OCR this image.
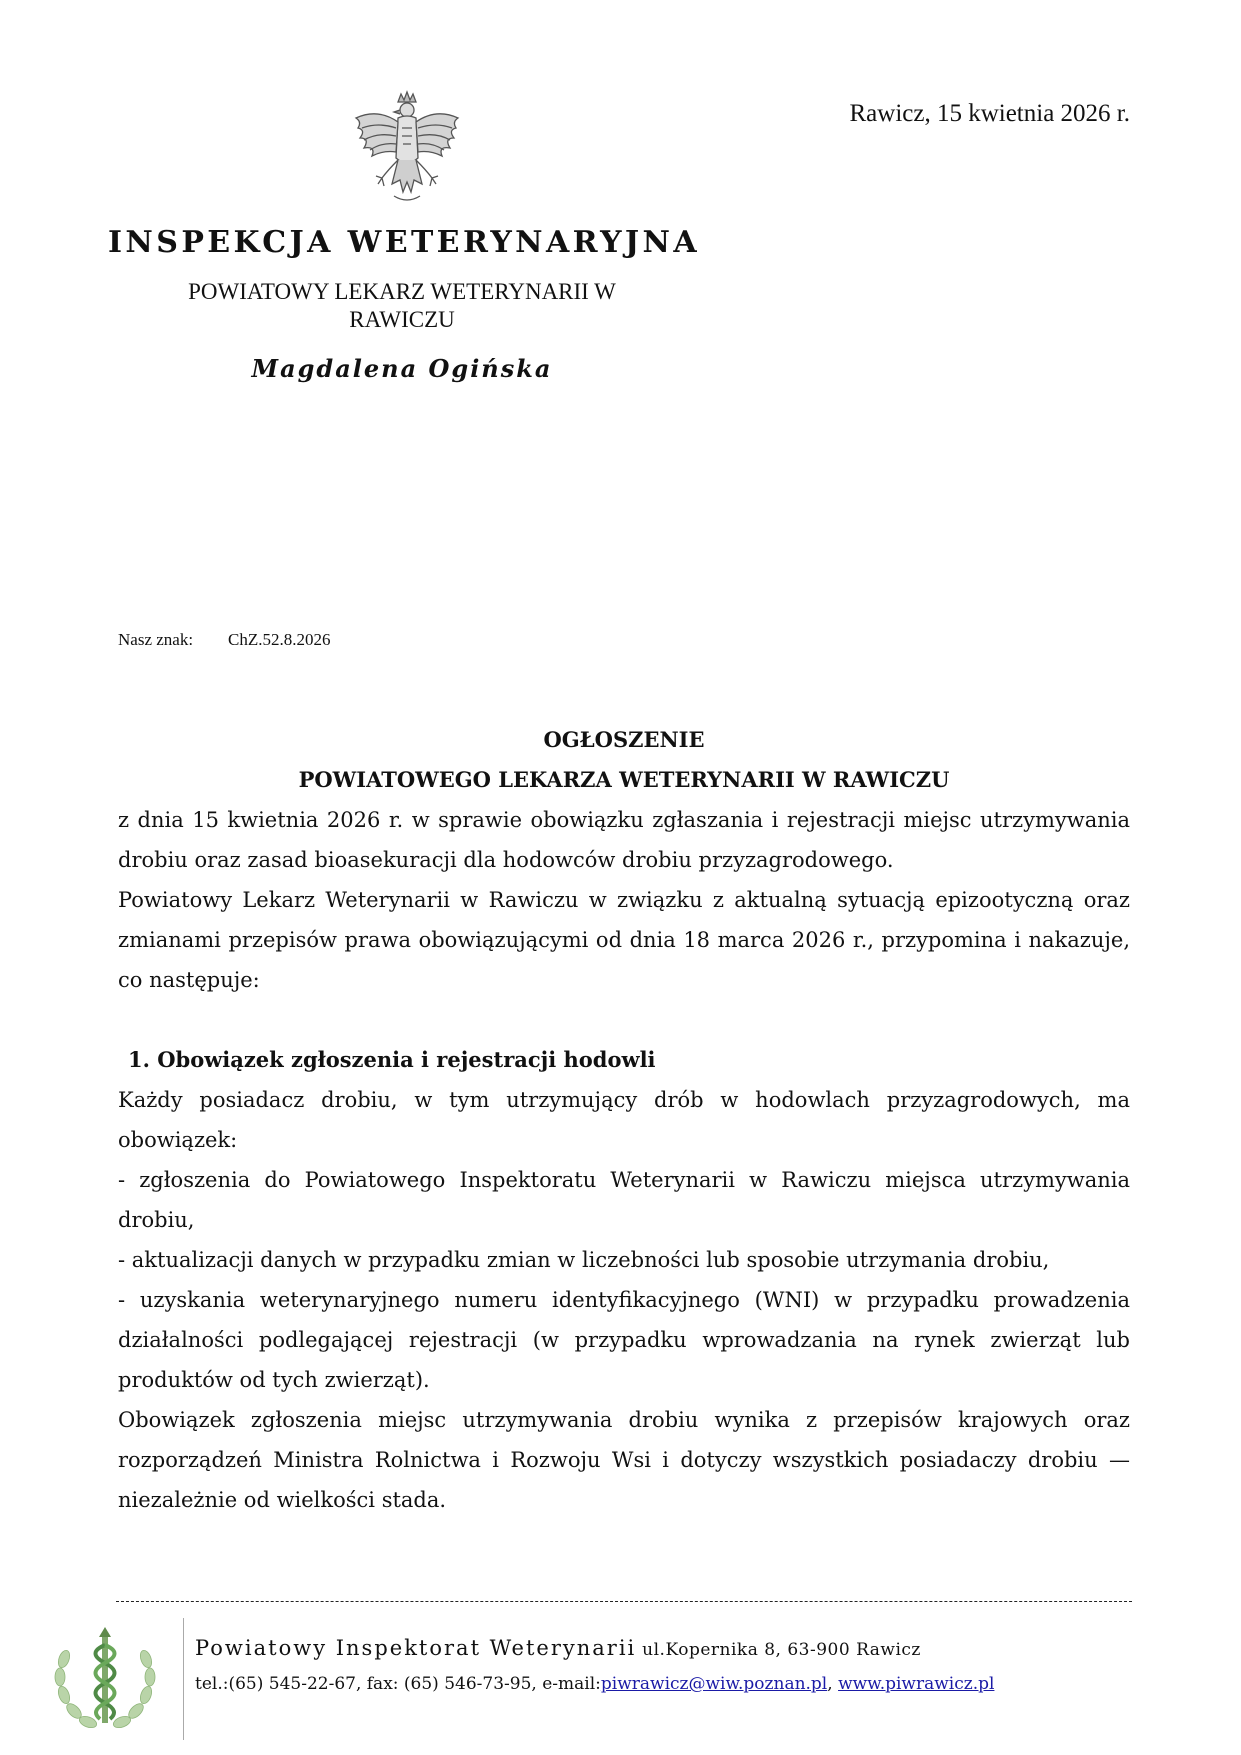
Rawicz, 15 kwietnia 2026 r.
INSPEKCJA WETERYNARYJNA
POWIATOWY LEKARZ WETERYNARII W RAWICZU
Magdalena Ogińska
Nasz znak: ChZ.52.8.2026

OGŁOSZENIE

POWIATOWEGO LEKARZA WETERYNARII W RAWICZU

z dnia 15 kwietnia 2026 r. w sprawie obowiązku zgłaszania i rejestracji miejsc utrzymywania drobiu oraz zasad bioasekuracji dla hodowców drobiu przyzagrodowego.

Powiatowy Lekarz Weterynarii w Rawiczu w związku z aktualną sytuacją epizootyczną oraz zmianami przepisów prawa obowiązującymi od dnia 18 marca 2026 r., przypomina i nakazuje, co następuje:

1. Obowiązek zgłoszenia i rejestracji hodowli

Każdy posiadacz drobiu, w tym utrzymujący drób w hodowlach przyzagrodowych, ma obowiązek:

- zgłoszenia do Powiatowego Inspektoratu Weterynarii w Rawiczu miejsca utrzymywania drobiu,

- aktualizacji danych w przypadku zmian w liczebności lub sposobie utrzymania drobiu,

- uzyskania weterynaryjnego numeru identyfikacyjnego (WNI) w przypadku prowadzenia działalności podlegającej rejestracji (w przypadku wprowadzania na rynek zwierząt lub produktów od tych zwierząt).

Obowiązek zgłoszenia miejsc utrzymywania drobiu wynika z przepisów krajowych oraz rozporządzeń Ministra Rolnictwa i Rozwoju Wsi i dotyczy wszystkich posiadaczy drobiu — niezależnie od wielkości stada.

Powiatowy Inspektorat Weterynarii ul.Kopernika 8, 63-900 Rawicz
tel.:(65) 545-22-67, fax: (65) 546-73-95, e-mail:piwrawicz@wiw.poznan.pl, www.piwrawicz.pl
